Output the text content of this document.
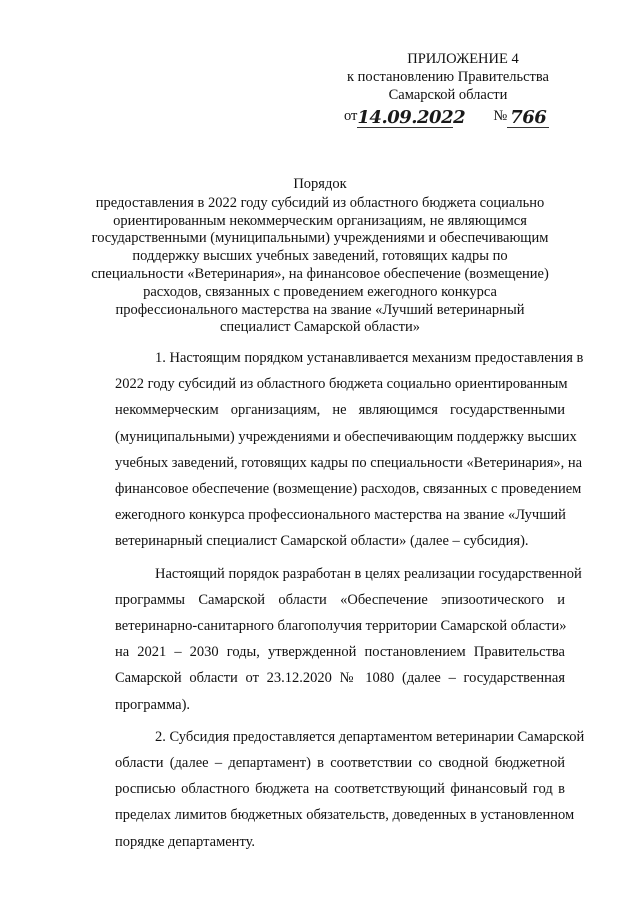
ПРИЛОЖЕНИЕ 4
к постановлению Правительства
Самарской области
от14.09.2022 № 766
Порядок
предоставления в 2022 году субсидий из областного бюджета социально
ориентированным некоммерческим организациям, не являющимся
государственными (муниципальными) учреждениями и обеспечивающим
поддержку высших учебных заведений, готовящих кадры по
специальности «Ветеринария», на финансовое обеспечение (возмещение)
расходов, связанных с проведением ежегодного конкурса
профессионального мастерства на звание «Лучший ветеринарный
специалист Самарской области»
1. Настоящим порядком устанавливается механизм предоставления в
2022 году субсидий из областного бюджета социально ориентированным
некоммерческим организациям, не являющимся государственными
(муниципальными) учреждениями и обеспечивающим поддержку высших
учебных заведений, готовящих кадры по специальности «Ветеринария», на
финансовое обеспечение (возмещение) расходов, связанных с проведением
ежегодного конкурса профессионального мастерства на звание «Лучший
ветеринарный специалист Самарской области» (далее – субсидия).
Настоящий порядок разработан в целях реализации государственной
программы Самарской области «Обеспечение эпизоотического и
ветеринарно-санитарного благополучия территории Самарской области»
на 2021 – 2030 годы, утвержденной постановлением Правительства
Самарской области от 23.12.2020 № 1080 (далее – государственная
программа).
2. Субсидия предоставляется департаментом ветеринарии Самарской
области (далее – департамент) в соответствии со сводной бюджетной
росписью областного бюджета на соответствующий финансовый год в
пределах лимитов бюджетных обязательств, доведенных в установленном
порядке департаменту.
